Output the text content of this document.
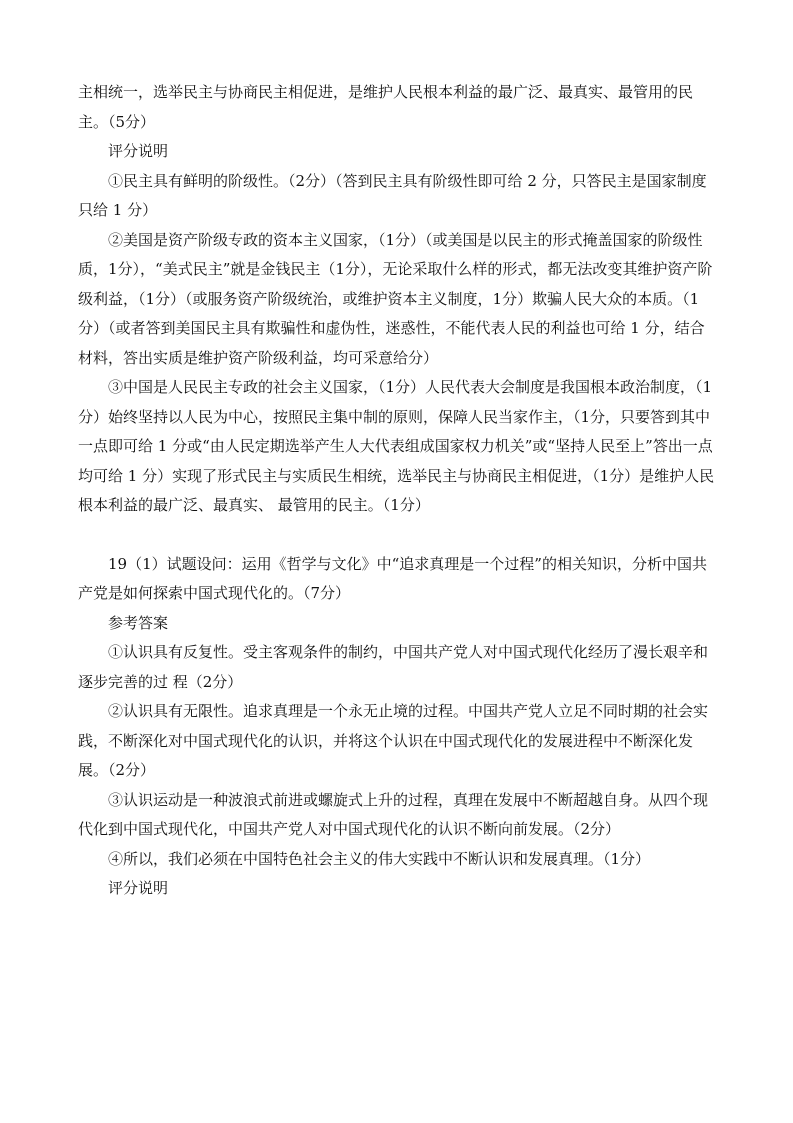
主相统一，选举民主与协商民主相促进，是维护人民根本利益的最广泛、最真实、最管用的民主。（5分）

评分说明

①民主具有鲜明的阶级性。（2分）（答到民主具有阶级性即可给 2 分，只答民主是国家制度只给 1 分）

②美国是资产阶级专政的资本主义国家，（1分）（或美国是以民主的形式掩盖国家的阶级性质，1分），“美式民主”就是金钱民主（1分），无论采取什么样的形式，都无法改变其维护资产阶级利益，（1分）（或服务资产阶级统治，或维护资本主义制度，1分）欺骗人民大众的本质。（1分）（或者答到美国民主具有欺骗性和虚伪性，迷惑性，不能代表人民的利益也可给 1 分，结合材料，答出实质是维护资产阶级利益，均可采意给分）

③中国是人民民主专政的社会主义国家，（1分）人民代表大会制度是我国根本政治制度，（1分）始终坚持以人民为中心，按照民主集中制的原则，保障人民当家作主，（1分，只要答到其中一点即可给 1 分或“由人民定期选举产生人大代表组成国家权力机关”或“坚持人民至上”答出一点均可给 1 分）实现了形式民主与实质民生相统，选举民主与协商民主相促进，（1分）是维护人民根本利益的最广泛、最真实、 最管用的民主。（1分）

19（1）试题设问：运用《哲学与文化》中“追求真理是一个过程”的相关知识，分析中国共产党是如何探索中国式现代化的。（7分）

参考答案

①认识具有反复性。受主客观条件的制约，中国共产党人对中国式现代化经历了漫长艰辛和逐步完善的过 程（2分）

②认识具有无限性。追求真理是一个永无止境的过程。中国共产党人立足不同时期的社会实践，不断深化对中国式现代化的认识，并将这个认识在中国式现代化的发展进程中不断深化发展。（2分）

③认识运动是一种波浪式前进或螺旋式上升的过程，真理在发展中不断超越自身。从四个现代化到中国式现代化，中国共产党人对中国式现代化的认识不断向前发展。（2分）

④所以，我们必须在中国特色社会主义的伟大实践中不断认识和发展真理。（1分）

评分说明
